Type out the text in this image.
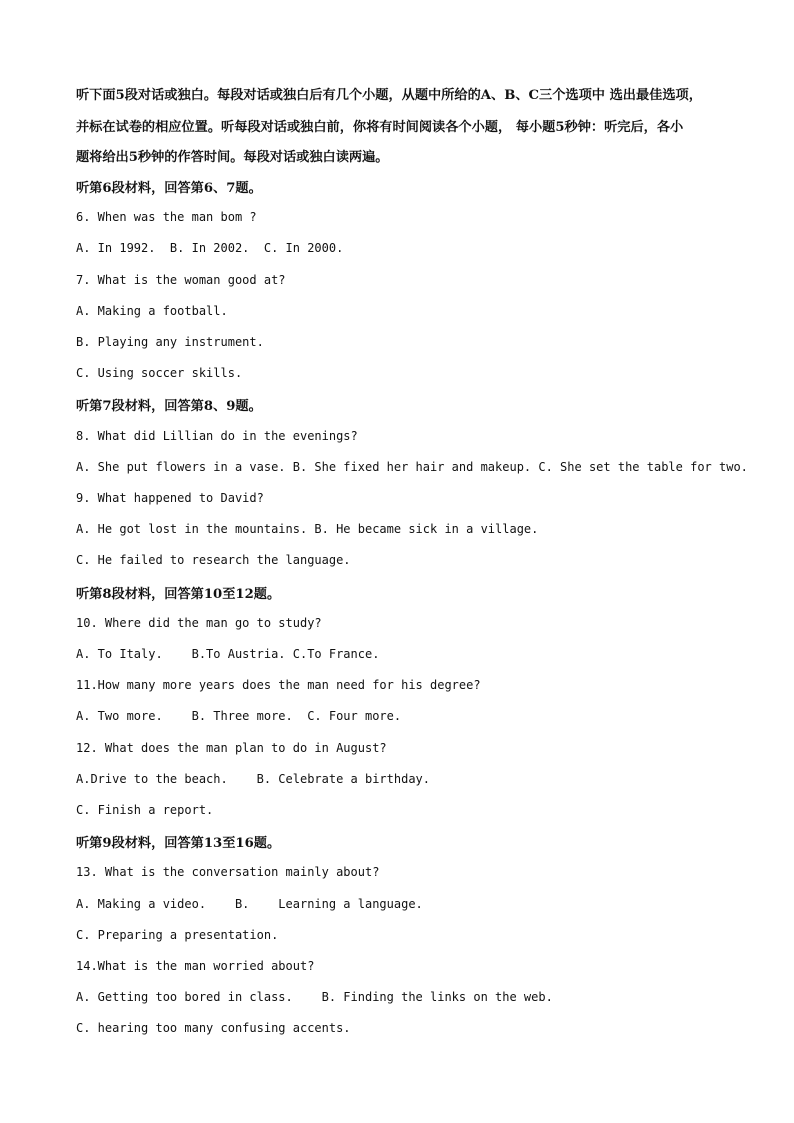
听下面5段对话或独白。每段对话或独白后有几个小题，从题中所给的A、B、C三个选项中 选出最佳选项，
并标在试卷的相应位置。听每段对话或独白前，你将有时间阅读各个小题， 每小题5秒钟：听完后，各小
题将给出5秒钟的作答时间。每段对话或独白读两遍。
听第6段材料，回答第6、7题。
6. When was the man bom ?
A. In 1992.  B. In 2002.  C. In 2000.
7. What is the woman good at?
A. Making a football.
B. Playing any instrument.
C. Using soccer skills.
听第7段材料，回答第8、9题。
8. What did Lillian do in the evenings?
A. She put flowers in a vase. B. She fixed her hair and makeup. C. She set the table for two.
9. What happened to David?
A. He got lost in the mountains. B. He became sick in a village.
C. He failed to research the language.
听第8段材料，回答第10至12题。
10. Where did the man go to study?
A. To Italy.    B.To Austria. C.To France.
11.How many more years does the man need for his degree?
A. Two more.    B. Three more.  C. Four more.
12. What does the man plan to do in August?
A.Drive to the beach.    B. Celebrate a birthday.
C. Finish a report.
听第9段材料，回答第13至16题。
13. What is the conversation mainly about?
A. Making a video.    B.    Learning a language.
C. Preparing a presentation.
14.What is the man worried about?
A. Getting too bored in class.    B. Finding the links on the web.
C. hearing too many confusing accents.
